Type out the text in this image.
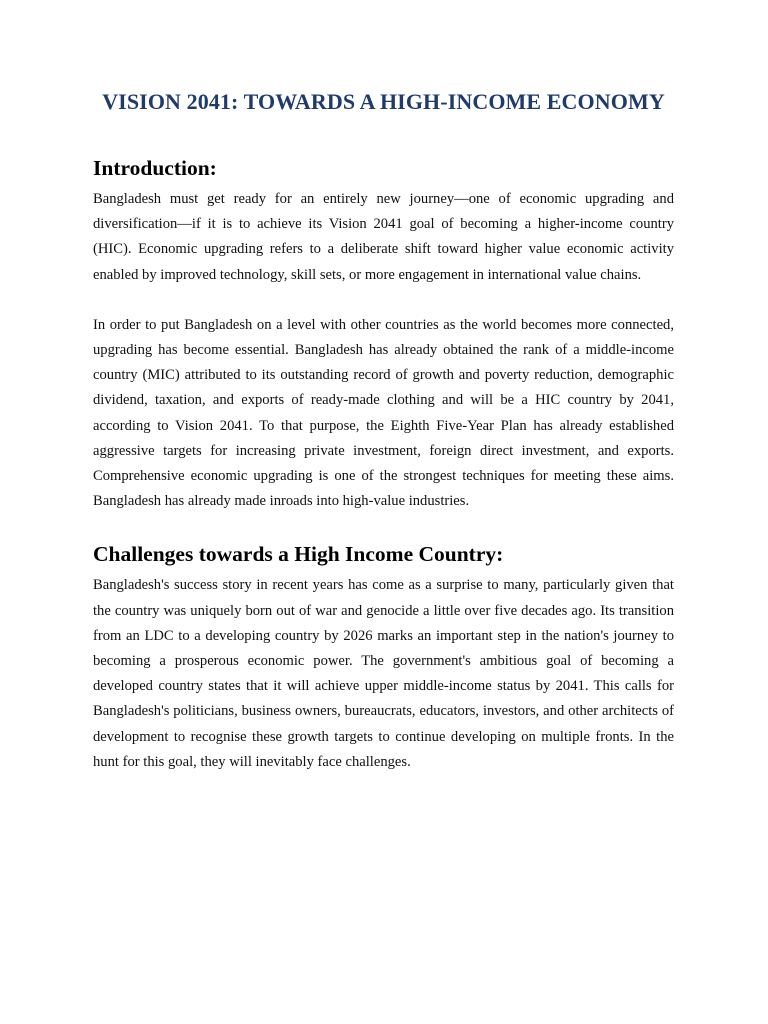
VISION 2041: TOWARDS A HIGH-INCOME ECONOMY
Introduction:

Bangladesh must get ready for an entirely new journey—one of economic upgrading and diversification—if it is to achieve its Vision 2041 goal of becoming a higher-income country (HIC). Economic upgrading refers to a deliberate shift toward higher value economic activity enabled by improved technology, skill sets, or more engagement in international value chains.

In order to put Bangladesh on a level with other countries as the world becomes more connected, upgrading has become essential. Bangladesh has already obtained the rank of a middle-income country (MIC) attributed to its outstanding record of growth and poverty reduction, demographic dividend, taxation, and exports of ready-made clothing and will be a HIC country by 2041, according to Vision 2041. To that purpose, the Eighth Five-Year Plan has already established aggressive targets for increasing private investment, foreign direct investment, and exports. Comprehensive economic upgrading is one of the strongest techniques for meeting these aims. Bangladesh has already made inroads into high-value industries.

Challenges towards a High Income Country:

Bangladesh's success story in recent years has come as a surprise to many, particularly given that the country was uniquely born out of war and genocide a little over five decades ago. Its transition from an LDC to a developing country by 2026 marks an important step in the nation's journey to becoming a prosperous economic power. The government's ambitious goal of becoming a developed country states that it will achieve upper middle-income status by 2041. This calls for Bangladesh's politicians, business owners, bureaucrats, educators, investors, and other architects of development to recognise these growth targets to continue developing on multiple fronts. In the hunt for this goal, they will inevitably face challenges.
